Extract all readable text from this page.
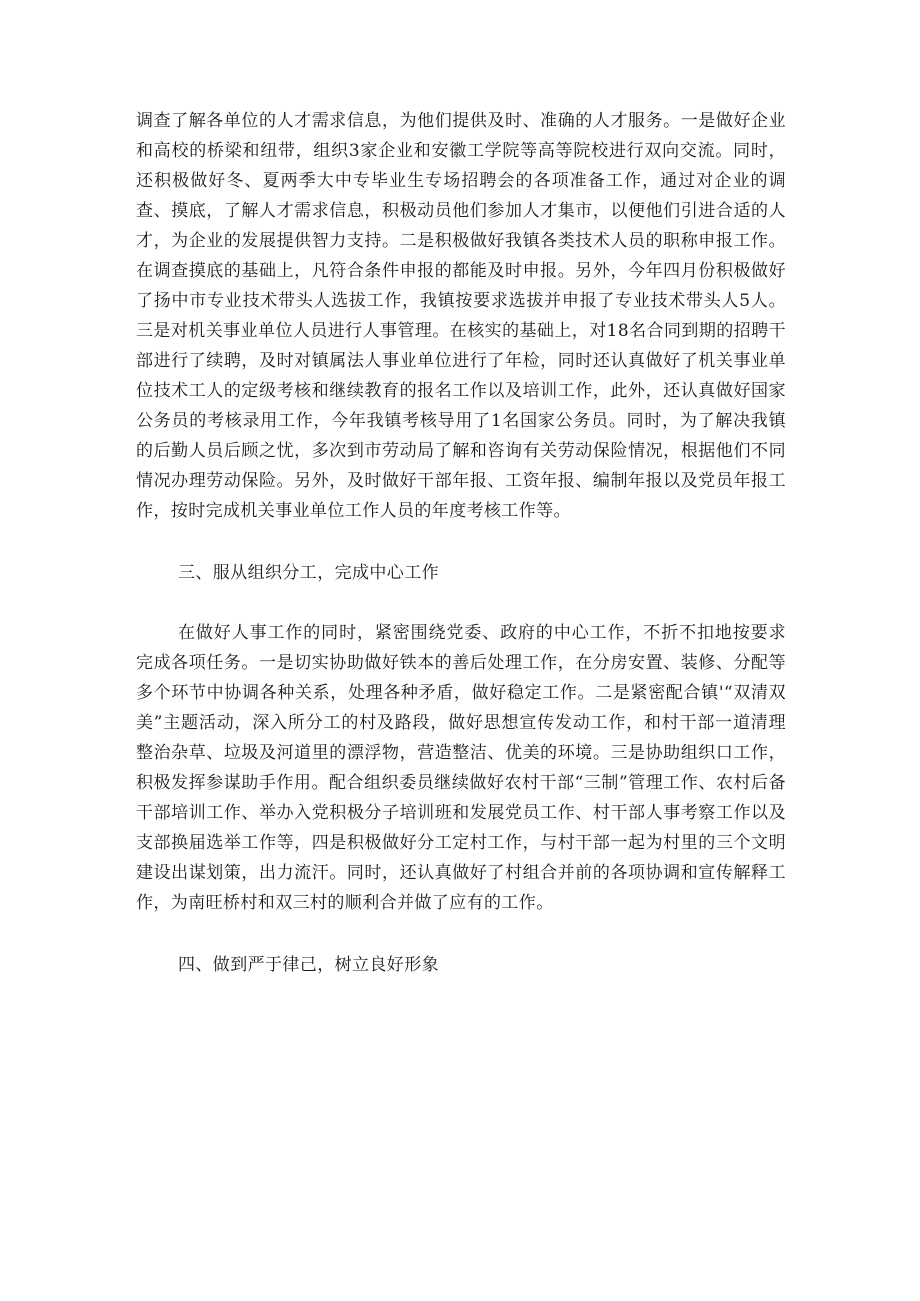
调查了解各单位的人才需求信息，为他们提供及时、准确的人才服务。一是做好企业和高校的桥梁和纽带，组织3家企业和安徽工学院等高等院校进行双向交流。同时，还积极做好冬、夏两季大中专毕业生专场招聘会的各项准备工作，通过对企业的调查、摸底，了解人才需求信息，积极动员他们参加人才集市，以便他们引进合适的人才，为企业的发展提供智力支持。二是积极做好我镇各类技术人员的职称申报工作。在调查摸底的基础上，凡符合条件申报的都能及时申报。另外，今年四月份积极做好了扬中市专业技术带头人选拔工作，我镇按要求选拔并申报了专业技术带头人5人。三是对机关事业单位人员进行人事管理。在核实的基础上，对18名合同到期的招聘干部进行了续聘，及时对镇属法人事业单位进行了年检，同时还认真做好了机关事业单位技术工人的定级考核和继续教育的报名工作以及培训工作，此外，还认真做好国家公务员的考核录用工作，今年我镇考核导用了1名国家公务员。同时，为了解决我镇的后勤人员后顾之忧，多次到市劳动局了解和咨询有关劳动保险情况，根据他们不同情况办理劳动保险。另外，及时做好干部年报、工资年报、编制年报以及党员年报工作，按时完成机关事业单位工作人员的年度考核工作等。

三、服从组织分工，完成中心工作

在做好人事工作的同时，紧密围绕党委、政府的中心工作，不折不扣地按要求完成各项任务。一是切实协助做好铁本的善后处理工作，在分房安置、装修、分配等多个环节中协调各种关系，处理各种矛盾，做好稳定工作。二是紧密配合镇'“双清双美”主题活动，深入所分工的村及路段，做好思想宣传发动工作，和村干部一道清理整治杂草、垃圾及河道里的漂浮物，营造整洁、优美的环境。三是协助组织口工作，积极发挥参谋助手作用。配合组织委员继续做好农村干部“三制”管理工作、农村后备干部培训工作、举办入党积极分子培训班和发展党员工作、村干部人事考察工作以及支部换届选举工作等，四是积极做好分工定村工作，与村干部一起为村里的三个文明建设出谋划策，出力流汗。同时，还认真做好了村组合并前的各项协调和宣传解释工作，为南旺桥村和双三村的顺利合并做了应有的工作。

四、做到严于律己，树立良好形象
